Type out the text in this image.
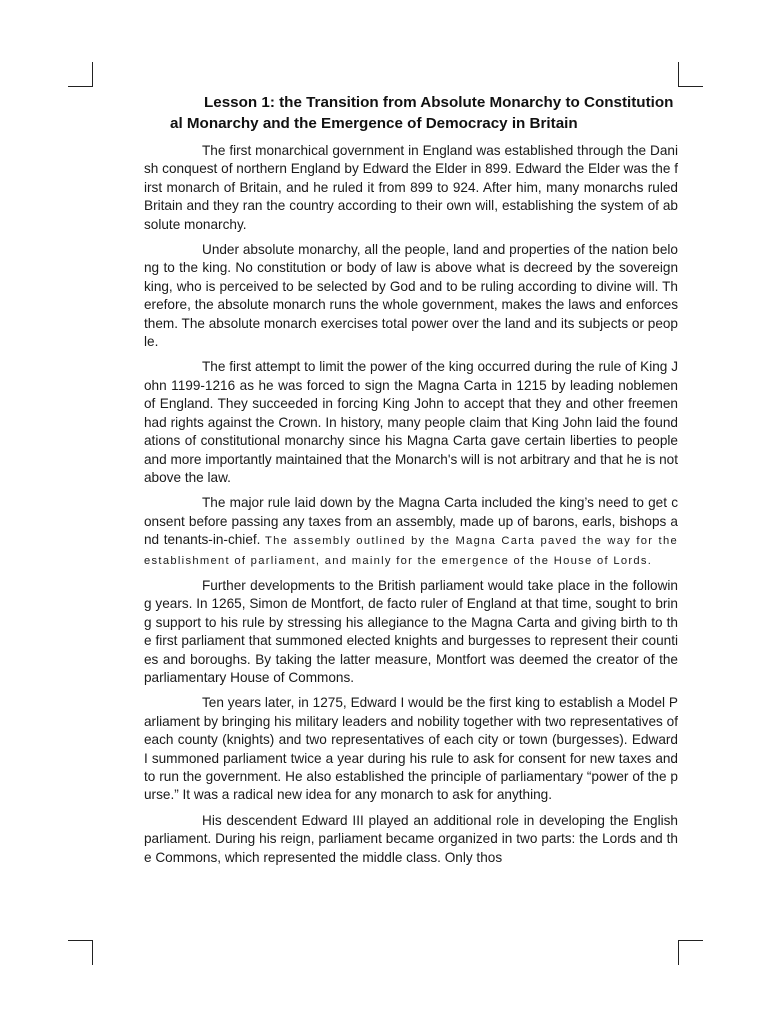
Lesson 1: the Transition from Absolute Monarchy to Constitutional Monarchy and the Emergence of Democracy in Britain

The first monarchical government in England was established through the Danish conquest of northern England by Edward the Elder in 899. Edward the Elder was the first monarch of Britain, and he ruled it from 899 to 924. After him, many monarchs ruled Britain and they ran the country according to their own will, establishing the system of absolute monarchy.

Under absolute monarchy, all the people, land and properties of the nation belong to the king. No constitution or body of law is above what is decreed by the sovereign king, who is perceived to be selected by God and to be ruling according to divine will. Therefore, the absolute monarch runs the whole government, makes the laws and enforces them. The absolute monarch exercises total power over the land and its subjects or people.

The first attempt to limit the power of the king occurred during the rule of King John 1199-1216 as he was forced to sign the Magna Carta in 1215 by leading noblemen of England. They succeeded in forcing King John to accept that they and other freemen had rights against the Crown. In history, many people claim that King John laid the foundations of constitutional monarchy since his Magna Carta gave certain liberties to people and more importantly maintained that the Monarch's will is not arbitrary and that he is not above the law.

The major rule laid down by the Magna Carta included the king’s need to get consent before passing any taxes from an assembly, made up of barons, earls, bishops and tenants-in-chief. The assembly outlined by the Magna Carta paved the way for the establishment of parliament, and mainly for the emergence of the House of Lords.

Further developments to the British parliament would take place in the following years. In 1265, Simon de Montfort, de facto ruler of England at that time, sought to bring support to his rule by stressing his allegiance to the Magna Carta and giving birth to the first parliament that summoned elected knights and burgesses to represent their counties and boroughs. By taking the latter measure, Montfort was deemed the creator of the parliamentary House of Commons.

Ten years later, in 1275, Edward I would be the first king to establish a Model Parliament by bringing his military leaders and nobility together with two representatives of each county (knights) and two representatives of each city or town (burgesses). Edward I summoned parliament twice a year during his rule to ask for consent for new taxes and to run the government. He also established the principle of parliamentary “power of the purse.” It was a radical new idea for any monarch to ask for anything.

His descendent Edward III played an additional role in developing the English parliament. During his reign, parliament became organized in two parts: the Lords and the Commons, which represented the middle class. Only thos
